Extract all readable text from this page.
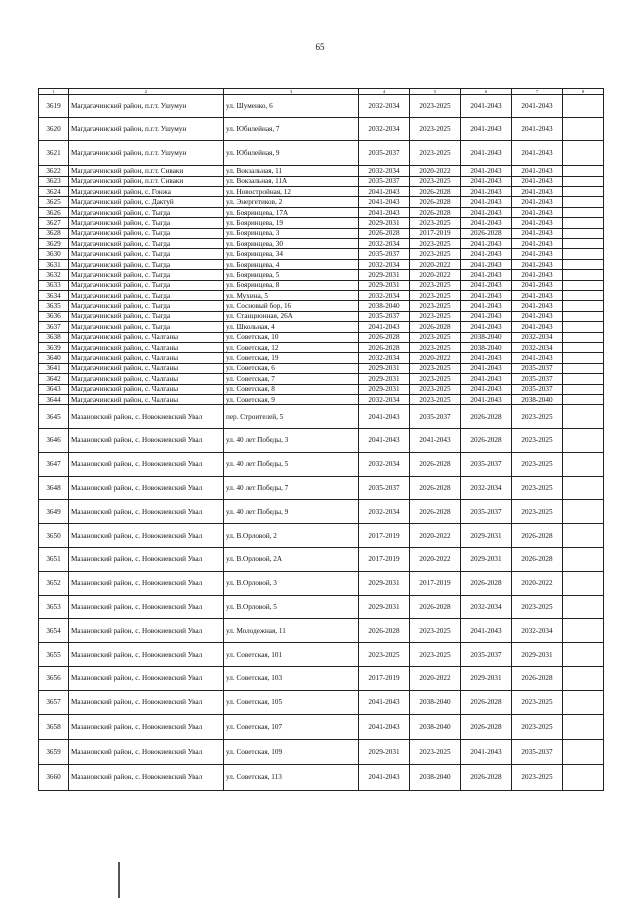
65
1	2	3	4	5	6	7	8
3619	Магдагачинский район, п.г.т. Ушумун	ул. Шуменко, 6	2032-2034	2023-2025	2041-2043	2041-2043	
3620	Магдагачинский район, п.г.т. Ушумун	ул. Юбилейная, 7	2032-2034	2023-2025	2041-2043	2041-2043	
3621	Магдагачинский район, п.г.т. Ушумун	ул. Юбилейная, 9	2035-2037	2023-2025	2041-2043	2041-2043	
3622	Магдагачинский район, п.г.т. Сиваки	ул. Вокзальная, 11	2032-2034	2020-2022	2041-2043	2041-2043	
3623	Магдагачинский район, п.г.т. Сиваки	ул. Вокзальная, 11А	2035-2037	2023-2025	2041-2043	2041-2043	
3624	Магдагачинский район, с. Гонжа	ул. Новостройная, 12	2041-2043	2026-2028	2041-2043	2041-2043	
3625	Магдагачинский район, с. Дактуй	ул. Энергетиков, 2	2041-2043	2026-2028	2041-2043	2041-2043	
3626	Магдагачинский район, с. Тыгда	ул. Бояринцева, 17А	2041-2043	2026-2028	2041-2043	2041-2043	
3627	Магдагачинский район, с. Тыгда	ул. Бояринцева, 19	2029-2031	2023-2025	2041-2043	2041-2043	
3628	Магдагачинский район, с. Тыгда	ул. Бояринцева, 3	2026-2028	2017-2019	2026-2028	2041-2043	
3629	Магдагачинский район, с. Тыгда	ул. Бояринцева, 30	2032-2034	2023-2025	2041-2043	2041-2043	
3630	Магдагачинский район, с. Тыгда	ул. Бояринцева, 34	2035-2037	2023-2025	2041-2043	2041-2043	
3631	Магдагачинский район, с. Тыгда	ул. Бояринцева, 4	2032-2034	2020-2022	2041-2043	2041-2043	
3632	Магдагачинский район, с. Тыгда	ул. Бояринцева, 5	2029-2031	2020-2022	2041-2043	2041-2043	
3633	Магдагачинский район, с. Тыгда	ул. Бояринцева, 8	2029-2031	2023-2025	2041-2043	2041-2043	
3634	Магдагачинский район, с. Тыгда	ул. Мухина, 5	2032-2034	2023-2025	2041-2043	2041-2043	
3635	Магдагачинский район, с. Тыгда	ул. Сосновый бор, 16	2038-2040	2023-2025	2041-2043	2041-2043	
3636	Магдагачинский район, с. Тыгда	ул. Станционная, 26А	2035-2037	2023-2025	2041-2043	2041-2043	
3637	Магдагачинский район, с. Тыгда	ул. Школьная, 4	2041-2043	2026-2028	2041-2043	2041-2043	
3638	Магдагачинский район, с. Чалганы	ул. Советская, 10	2026-2028	2023-2025	2038-2040	2032-2034	
3639	Магдагачинский район, с. Чалганы	ул. Советская, 12	2026-2028	2023-2025	2038-2040	2032-2034	
3640	Магдагачинский район, с. Чалганы	ул. Советская, 19	2032-2034	2020-2022	2041-2043	2041-2043	
3641	Магдагачинский район, с. Чалганы	ул. Советская, 6	2029-2031	2023-2025	2041-2043	2035-2037	
3642	Магдагачинский район, с. Чалганы	ул. Советская, 7	2029-2031	2023-2025	2041-2043	2035-2037	
3643	Магдагачинский район, с. Чалганы	ул. Советская, 8	2029-2031	2023-2025	2041-2043	2035-2037	
3644	Магдагачинский район, с. Чалганы	ул. Советская, 9	2032-2034	2023-2025	2041-2043	2038-2040	
3645	Мазановский район, с. Новокиевский Увал	пер. Строителей, 5	2041-2043	2035-2037	2026-2028	2023-2025	
3646	Мазановский район, с. Новокиевский Увал	ул. 40 лет Победы, 3	2041-2043	2041-2043	2026-2028	2023-2025	
3647	Мазановский район, с. Новокиевский Увал	ул. 40 лет Победы, 5	2032-2034	2026-2028	2035-2037	2023-2025	
3648	Мазановский район, с. Новокиевский Увал	ул. 40 лет Победы, 7	2035-2037	2026-2028	2032-2034	2023-2025	
3649	Мазановский район, с. Новокиевский Увал	ул. 40 лет Победы, 9	2032-2034	2026-2028	2035-2037	2023-2025	
3650	Мазановский район, с. Новокиевский Увал	ул. В.Орловой, 2	2017-2019	2020-2022	2029-2031	2026-2028	
3651	Мазановский район, с. Новокиевский Увал	ул. В.Орловой, 2А	2017-2019	2020-2022	2029-2031	2026-2028	
3652	Мазановский район, с. Новокиевский Увал	ул. В.Орловой, 3	2029-2031	2017-2019	2026-2028	2020-2022	
3653	Мазановский район, с. Новокиевский Увал	ул. В.Орловой, 5	2029-2031	2026-2028	2032-2034	2023-2025	
3654	Мазановский район, с. Новокиевский Увал	ул. Молодежная, 11	2026-2028	2023-2025	2041-2043	2032-2034	
3655	Мазановский район, с. Новокиевский Увал	ул. Советская, 101	2023-2025	2023-2025	2035-2037	2029-2031	
3656	Мазановский район, с. Новокиевский Увал	ул. Советская, 103	2017-2019	2020-2022	2029-2031	2026-2028	
3657	Мазановский район, с. Новокиевский Увал	ул. Советская, 105	2041-2043	2038-2040	2026-2028	2023-2025	
3658	Мазановский район, с. Новокиевский Увал	ул. Советская, 107	2041-2043	2038-2040	2026-2028	2023-2025	
3659	Мазановский район, с. Новокиевский Увал	ул. Советская, 109	2029-2031	2023-2025	2041-2043	2035-2037	
3660	Мазановский район, с. Новокиевский Увал	ул. Советская, 113	2041-2043	2038-2040	2026-2028	2023-2025	
